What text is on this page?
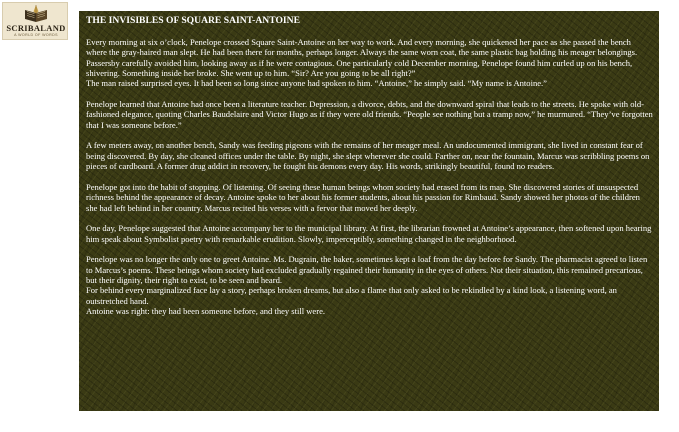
SCRIBALAND
A WORLD OF WORDS
THE INVISIBLES OF SQUARE SAINT-ANTOINE

Every morning at six o’clock, Penelope crossed Square Saint-Antoine on her way to work. And every morning, she quickened her pace as she passed the bench where the gray-haired man slept. He had been there for months, perhaps longer. Always the same worn coat, the same plastic bag holding his meager belongings. Passersby carefully avoided him, looking away as if he were contagious. One particularly cold December morning, Penelope found him curled up on his bench, shivering. Something inside her broke. She went up to him. “Sir? Are you going to be all right?”

The man raised surprised eyes. It had been so long since anyone had spoken to him. “Antoine,” he simply said. “My name is Antoine.”

Penelope learned that Antoine had once been a literature teacher. Depression, a divorce, debts, and the downward spiral that leads to the streets. He spoke with old-fashioned elegance, quoting Charles Baudelaire and Victor Hugo as if they were old friends. “People see nothing but a tramp now,” he murmured. “They’ve forgotten that I was someone before.”

A few meters away, on another bench, Sandy was feeding pigeons with the remains of her meager meal. An undocumented immigrant, she lived in constant fear of being discovered. By day, she cleaned offices under the table. By night, she slept wherever she could. Farther on, near the fountain, Marcus was scribbling poems on pieces of cardboard. A former drug addict in recovery, he fought his demons every day. His words, strikingly beautiful, found no readers.

Penelope got into the habit of stopping. Of listening. Of seeing these human beings whom society had erased from its map. She discovered stories of unsuspected richness behind the appearance of decay. Antoine spoke to her about his former students, about his passion for Rimbaud. Sandy showed her photos of the children she had left behind in her country. Marcus recited his verses with a fervor that moved her deeply.

One day, Penelope suggested that Antoine accompany her to the municipal library. At first, the librarian frowned at Antoine’s appearance, then softened upon hearing him speak about Symbolist poetry with remarkable erudition. Slowly, imperceptibly, something changed in the neighborhood.

Penelope was no longer the only one to greet Antoine. Ms. Dugrain, the baker, sometimes kept a loaf from the day before for Sandy. The pharmacist agreed to listen to Marcus’s poems. These beings whom society had excluded gradually regained their humanity in the eyes of others. Not their situation, this remained precarious, but their dignity, their right to exist, to be seen and heard.

For behind every marginalized face lay a story, perhaps broken dreams, but also a flame that only asked to be rekindled by a kind look, a listening word, an outstretched hand.

Antoine was right: they had been someone before, and they still were.
